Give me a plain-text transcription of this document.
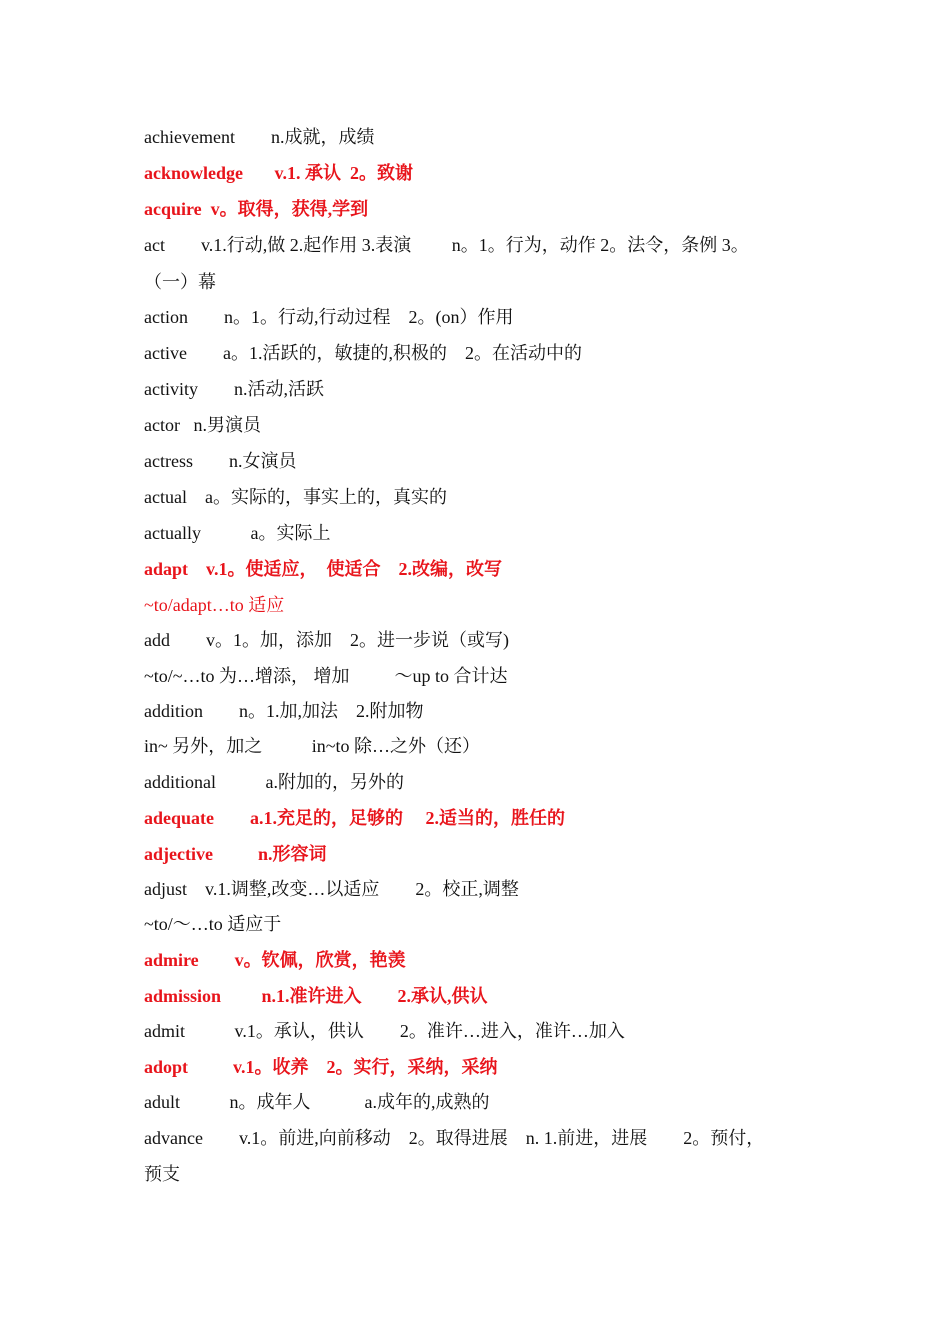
achievement        n.成就，成绩
acknowledge       v.1. 承认  2。致谢
acquire  v。取得，获得,学到
act        v.1.行动,做 2.起作用 3.表演         n。1。行为，动作 2。法令，条例 3。
（一）幕
action        n。1。行动,行动过程    2。(on）作用
active        a。1.活跃的，敏捷的,积极的    2。在活动中的
activity        n.活动,活跃
actor   n.男演员
actress        n.女演员
actual    a。实际的，事实上的，真实的
actually           a。实际上
adapt    v.1。使适应，  使适合    2.改编，改写
~to/adapt…to 适应
add        v。1。加，添加    2。进一步说（或写)
~to/~…to 为…增添， 增加          ～up to 合计达
addition        n。1.加,加法    2.附加物
in~ 另外，加之           in~to 除…之外（还）
additional           a.附加的，另外的
adequate        a.1.充足的，足够的     2.适当的，胜任的
adjective          n.形容词
adjust    v.1.调整,改变…以适应        2。校正,调整
~to/～…to 适应于
admire        v。钦佩，欣赏，艳羡
admission         n.1.准许进入        2.承认,供认
admit           v.1。承认，供认        2。准许…进入，准许…加入
adopt          v.1。收养    2。实行，采纳，采纳
adult           n。成年人            a.成年的,成熟的
advance        v.1。前进,向前移动    2。取得进展    n. 1.前进，进展        2。预付，
预支
